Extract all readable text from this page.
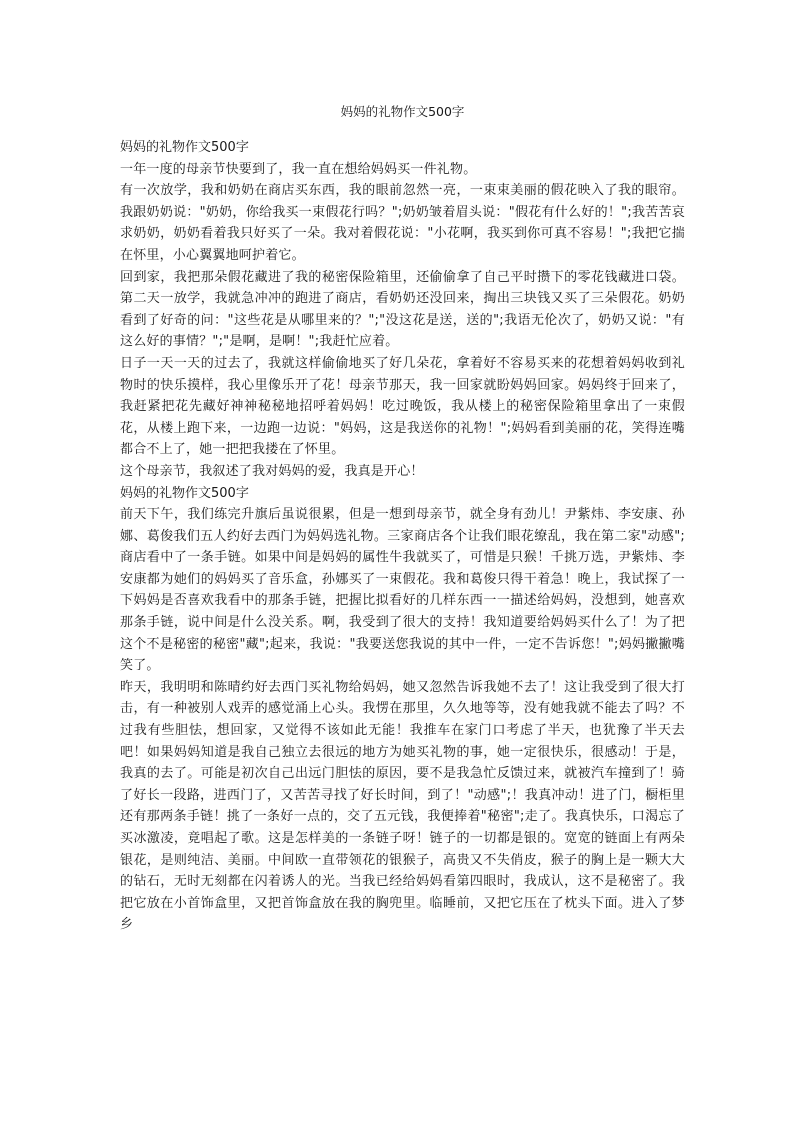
妈妈的礼物作文500字

妈妈的礼物作文500字

一年一度的母亲节快要到了，我一直在想给妈妈买一件礼物。

有一次放学，我和奶奶在商店买东西，我的眼前忽然一亮，一束束美丽的假花映入了我的眼帘。我跟奶奶说："奶奶，你给我买一束假花行吗？";奶奶皱着眉头说："假花有什么好的！";我苦苦哀求奶奶，奶奶看着我只好买了一朵。我对着假花说："小花啊，我买到你可真不容易！";我把它揣在怀里，小心翼翼地呵护着它。

回到家，我把那朵假花藏进了我的秘密保险箱里，还偷偷拿了自己平时攒下的零花钱藏进口袋。第二天一放学，我就急冲冲的跑进了商店，看奶奶还没回来，掏出三块钱又买了三朵假花。奶奶看到了好奇的问："这些花是从哪里来的？";"没这花是送，送的";我语无伦次了，奶奶又说："有这么好的事情？";"是啊，是啊！";我赶忙应着。

日子一天一天的过去了，我就这样偷偷地买了好几朵花，拿着好不容易买来的花想着妈妈收到礼物时的快乐摸样，我心里像乐开了花！母亲节那天，我一回家就盼妈妈回家。妈妈终于回来了，我赶紧把花先藏好神神秘秘地招呼着妈妈！吃过晚饭，我从楼上的秘密保险箱里拿出了一束假花，从楼上跑下来，一边跑一边说："妈妈，这是我送你的礼物！";妈妈看到美丽的花，笑得连嘴都合不上了，她一把把我搂在了怀里。

这个母亲节，我叙述了我对妈妈的爱，我真是开心！

妈妈的礼物作文500字

前天下午，我们练完升旗后虽说很累，但是一想到母亲节，就全身有劲儿！尹紫炜、李安康、孙娜、葛俊我们五人约好去西门为妈妈选礼物。三家商店各个让我们眼花缭乱，我在第二家"动感";商店看中了一条手链。如果中间是妈妈的属性牛我就买了，可惜是只猴！千挑万选，尹紫炜、李安康都为她们的妈妈买了音乐盒，孙娜买了一束假花。我和葛俊只得干着急！晚上，我试探了一下妈妈是否喜欢我看中的那条手链，把握比拟看好的几样东西一一描述给妈妈，没想到，她喜欢那条手链，说中间是什么没关系。啊，我受到了很大的支持！我知道要给妈妈买什么了！为了把这个不是秘密的秘密"藏";起来，我说："我要送您我说的其中一件，一定不告诉您！";妈妈撇撇嘴笑了。

昨天，我明明和陈晴约好去西门买礼物给妈妈，她又忽然告诉我她不去了！这让我受到了很大打击，有一种被别人戏弄的感觉涌上心头。我愣在那里，久久地等等，没有她我就不能去了吗？不过我有些胆怯，想回家，又觉得不该如此无能！我推车在家门口考虑了半天，也犹豫了半天去吧！如果妈妈知道是我自己独立去很远的地方为她买礼物的事，她一定很快乐，很感动！于是，我真的去了。可能是初次自己出远门胆怯的原因，要不是我急忙反馈过来，就被汽车撞到了！骑了好长一段路，进西门了，又苦苦寻找了好长时间，到了！"动感";！我真冲动！进了门，橱柜里还有那两条手链！挑了一条好一点的，交了五元钱，我便捧着"秘密";走了。我真快乐，口渴忘了买冰激凌，竟唱起了歌。这是怎样美的一条链子呀！链子的一切都是银的。宽宽的链面上有两朵银花，是则纯洁、美丽。中间欧一直带领花的银猴子，高贵又不失俏皮，猴子的胸上是一颗大大的钻石，无时无刻都在闪着诱人的光。当我已经给妈妈看第四眼时，我成认，这不是秘密了。我把它放在小首饰盒里，又把首饰盒放在我的胸兜里。临睡前，又把它压在了枕头下面。进入了梦乡
